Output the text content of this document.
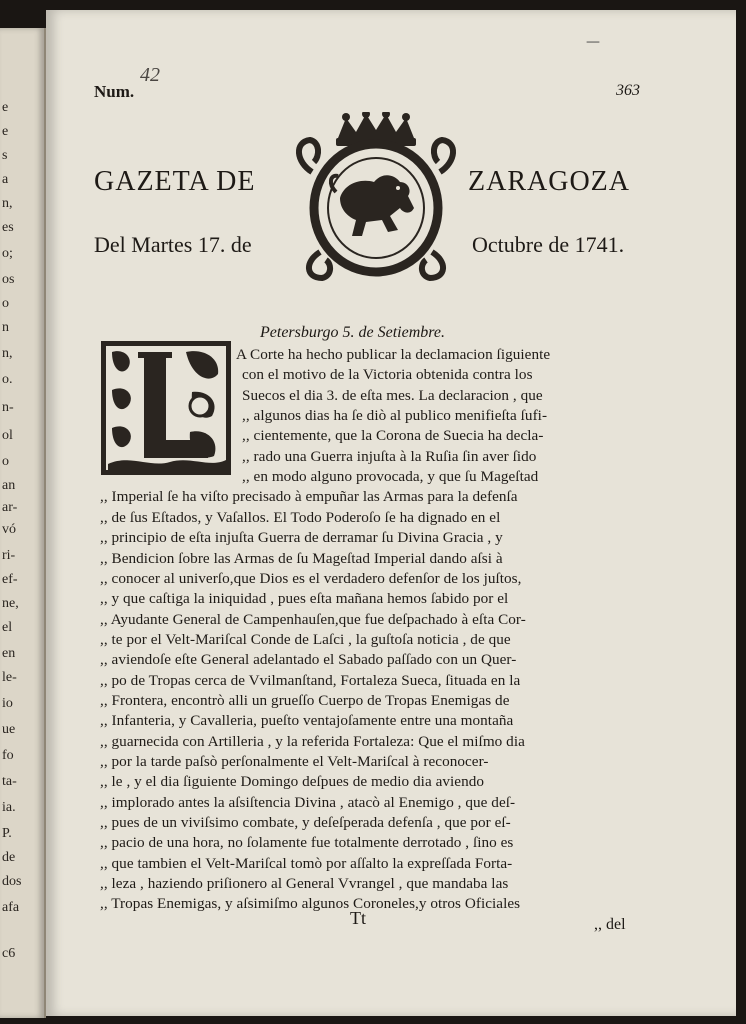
e
e
s
a
n,
es
o;
os
o
n
n,
o.
n-
ol
o
an
ar-
vó
ri-
ef-
ne,
el
en
le-
io
ue
fo
ta-
ia.
P.
de
dos
afa
c6
—
Num.
42
363
GAZETA DE	ZARAGOZA
Del Martes 17. de	Octubre de 1741.
Petersburgo 5. de Setiembre.
A Corte ha hecho publicar la declamacion ſiguiente
con el motivo de la Victoria obtenida contra los
Suecos el dia 3. de eſta mes. La declaracion , que
,, algunos dias ha ſe diò al publico menifieſta ſufi-
,, cientemente, que la Corona de Suecia ha decla-
,, rado una Guerra injuſta à la Ruſia ſin aver ſido
,, en modo alguno provocada, y que ſu Mageſtad
,, Imperial ſe ha viſto precisado à empuñar las Armas para la defenſa
,, de ſus Eſtados, y Vaſallos. El Todo Poderoſo ſe ha dignado en el
,, principio de eſta injuſta Guerra de derramar ſu Divina Gracia , y
,, Bendicion ſobre las Armas de ſu Mageſtad Imperial dando aſsi à
,, conocer al univerſo,que Dios es el verdadero defenſor de los juſtos,
,, y que caſtiga la iniquidad , pues eſta mañana hemos ſabido por el
,, Ayudante General de Campenhauſen,que fue deſpachado à eſta Cor-
,, te por el Velt-Mariſcal Conde de Laſci , la guſtoſa noticia , de que
,, aviendoſe eſte General adelantado el Sabado paſſado con un Quer-
,, po de Tropas cerca de Vvilmanſtand, Fortaleza Sueca, ſituada en la
,, Frontera, encontrò alli un grueſſo Cuerpo de Tropas Enemigas de
,, Infanteria, y Cavalleria, pueſto ventajoſamente entre una montaña
,, guarnecida con Artilleria , y la referida Fortaleza: Que el miſmo dia
,, por la tarde paſsò perſonalmente el Velt-Mariſcal à reconocer-
,, le , y el dia ſiguiente Domingo deſpues de medio dia aviendo
,, implorado antes la aſsiſtencia Divina , atacò al Enemigo , que deſ-
,, pues de un viviſsimo combate, y deſeſperada defenſa , que por eſ-
,, pacio de una hora, no ſolamente fue totalmente derrotado , ſino es
,, que tambien el Velt-Mariſcal tomò por aſſalto la expreſſada Forta-
,, leza , haziendo priſionero al General Vvrangel , que mandaba las
,, Tropas Enemigas, y aſsimiſmo algunos Coroneles,y otros Oficiales
Tt	,, del
